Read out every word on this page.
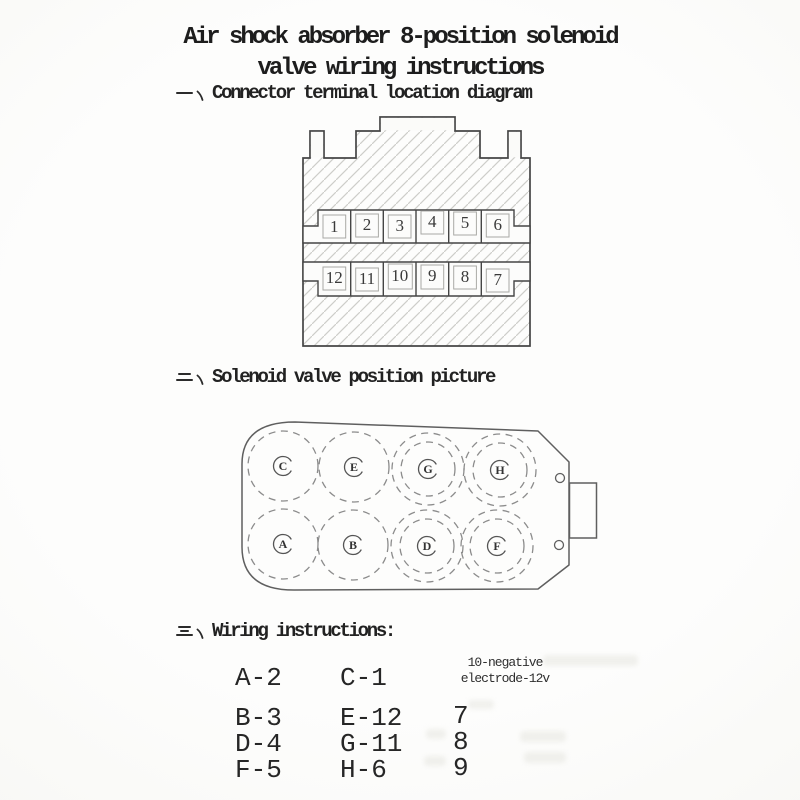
Air shock absorber 8-position solenoid
valve wiring instructions
Connector terminal location diagram
1 2 3 4 5 6
12 11 10 9 8 7
Solenoid valve position picture
C	E	G	H
A	B	D	F
Wiring instructions:
A-2 C-1
10-negative
electrode-12v
B-3 E-12 7
D-4 G-11 8
F-5 H-6	9
